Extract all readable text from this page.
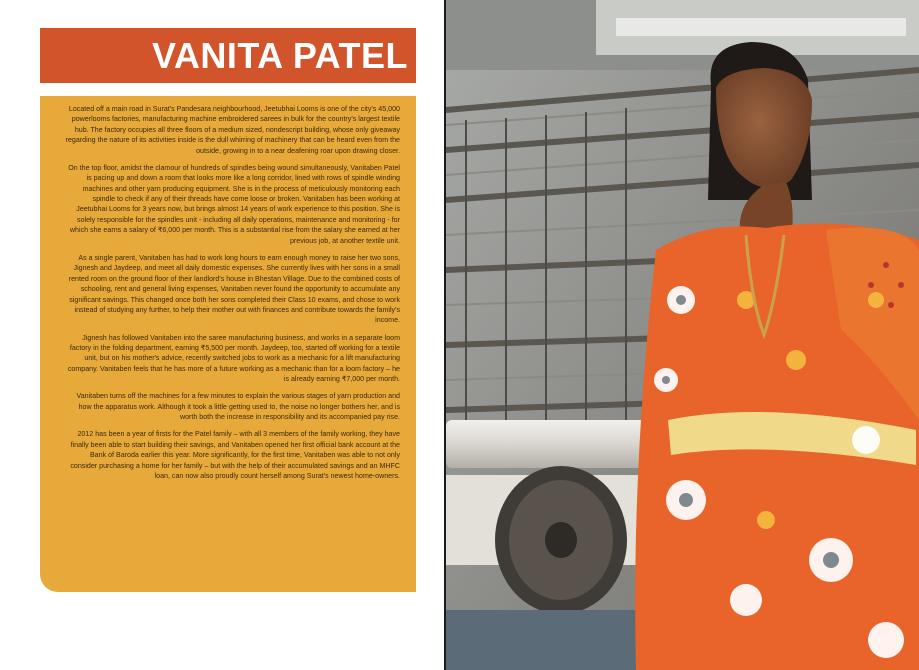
VANITA PATEL

Located off a main road in Surat's Pandesara neighbourhood, Jeetubhai Looms is one of the city's 45,000 powerlooms factories, manufacturing machine embroidered sarees in bulk for the country's largest textile hub. The factory occupies all three floors of a medium sized, nondescript building, whose only giveaway regarding the nature of its activities inside is the dull whirring of machinery that can be heard even from the outside, growing in to a near deafening roar upon drawing closer.

On the top floor, amidst the clamour of hundreds of spindles being wound simultaneously, Vanitaben Patel is pacing up and down a room that looks more like a long corridor, lined with rows of spindle winding machines and other yarn producing equipment. She is in the process of meticulously monitoring each spindle to check if any of their threads have come loose or broken. Vanitaben has been working at Jeetubhai Looms for 3 years now, but brings almost 14 years of work experience to this position. She is solely responsible for the spindles unit - including all daily operations, maintenance and monitoring - for which she earns a salary of ₹6,000 per month. This is a substantial rise from the salary she earned at her previous job, at another textile unit.

As a single parent, Vanitaben has had to work long hours to earn enough money to raise her two sons, Jignesh and Jaydeep, and meet all daily domestic expenses. She currently lives with her sons in a small rented room on the ground floor of their landlord's house in Bhestan Village. Due to the combined costs of schooling, rent and general living expenses, Vanitaben never found the opportunity to accumulate any significant savings. This changed once both her sons completed their Class 10 exams, and chose to work instead of studying any further, to help their mother out with finances and contribute towards the family's income.

Jignesh has followed Vanitaben into the saree manufacturing business, and works in a separate loom factory in the folding department, earning ₹5,500 per month. Jaydeep, too, started off working for a textile unit, but on his mother's advice, recently switched jobs to work as a mechanic for a lift manufacturing company. Vanitaben feels that he has more of a future working as a mechanic than for a loom factory – he is already earning ₹7,000 per month.

Vanitaben turns off the machines for a few minutes to explain the various stages of yarn production and how the apparatus work. Although it took a little getting used to, the noise no longer bothers her, and is worth both the increase in responsibility and its accompanied pay rise.

2012 has been a year of firsts for the Patel family – with all 3 members of the family working, they have finally been able to start building their savings, and Vanitaben opened her first official bank account at the Bank of Baroda earlier this year. More significantly, for the first time, Vanitaben was able to not only consider purchasing a home for her family – but with the help of their accumulated savings and an MHFC loan, can now also proudly count herself among Surat's newest home-owners.
